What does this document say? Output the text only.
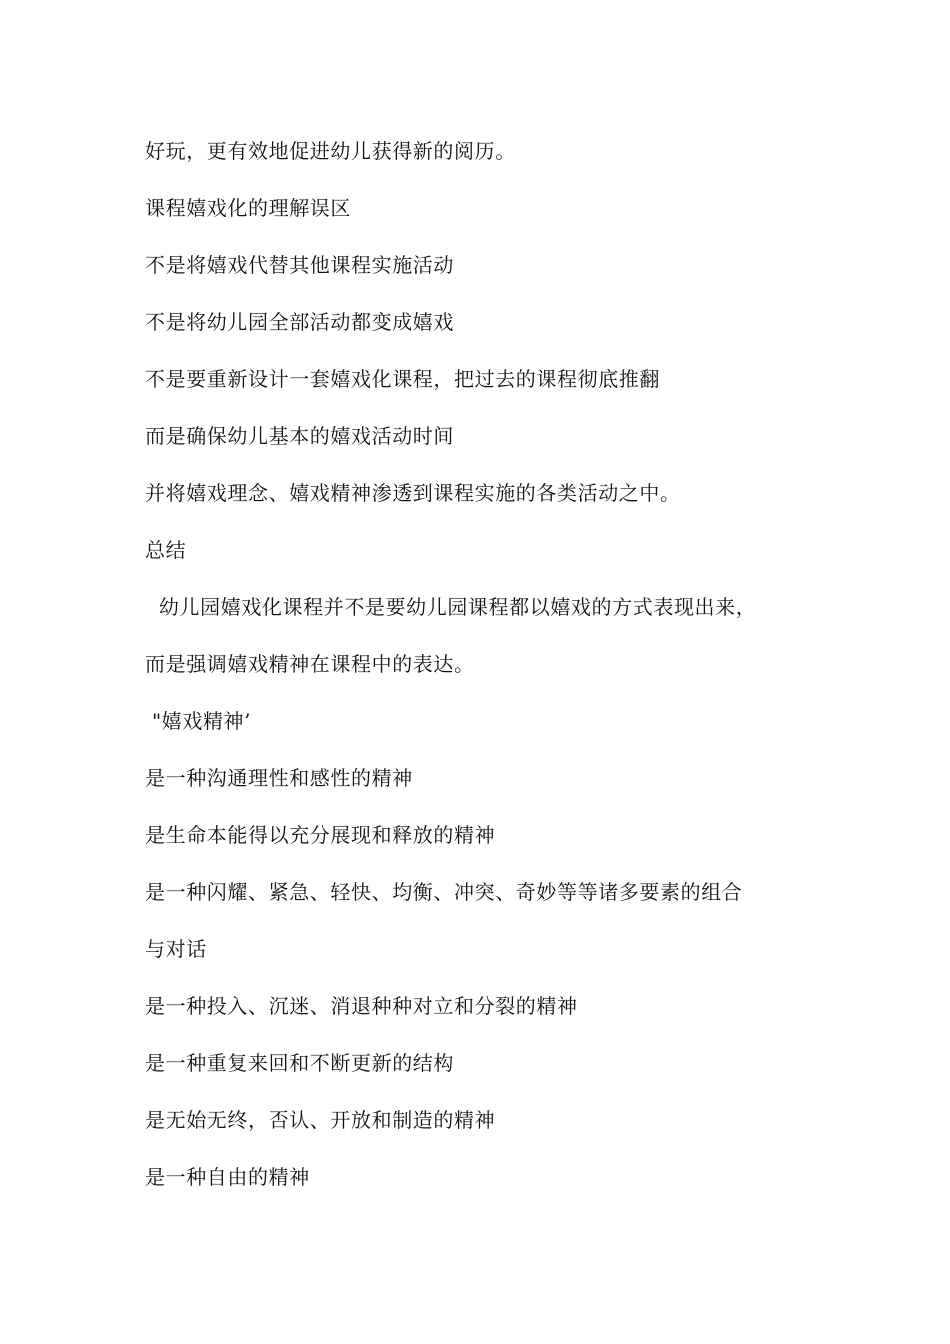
好玩，更有效地促进幼儿获得新的阅历。
课程嬉戏化的理解误区
不是将嬉戏代替其他课程实施活动
不是将幼儿园全部活动都变成嬉戏
不是要重新设计一套嬉戏化课程，把过去的课程彻底推翻
而是确保幼儿基本的嬉戏活动时间
并将嬉戏理念、嬉戏精神渗透到课程实施的各类活动之中。
总结
幼儿园嬉戏化课程并不是要幼儿园课程都以嬉戏的方式表现出来，
而是强调嬉戏精神在课程中的表达。
"嬉戏精神’
是一种沟通理性和感性的精神
是生命本能得以充分展现和释放的精神
是一种闪耀、紧急、轻快、均衡、冲突、奇妙等等诸多要素的组合
与对话
是一种投入、沉迷、消退种种对立和分裂的精神
是一种重复来回和不断更新的结构
是无始无终，否认、开放和制造的精神
是一种自由的精神
